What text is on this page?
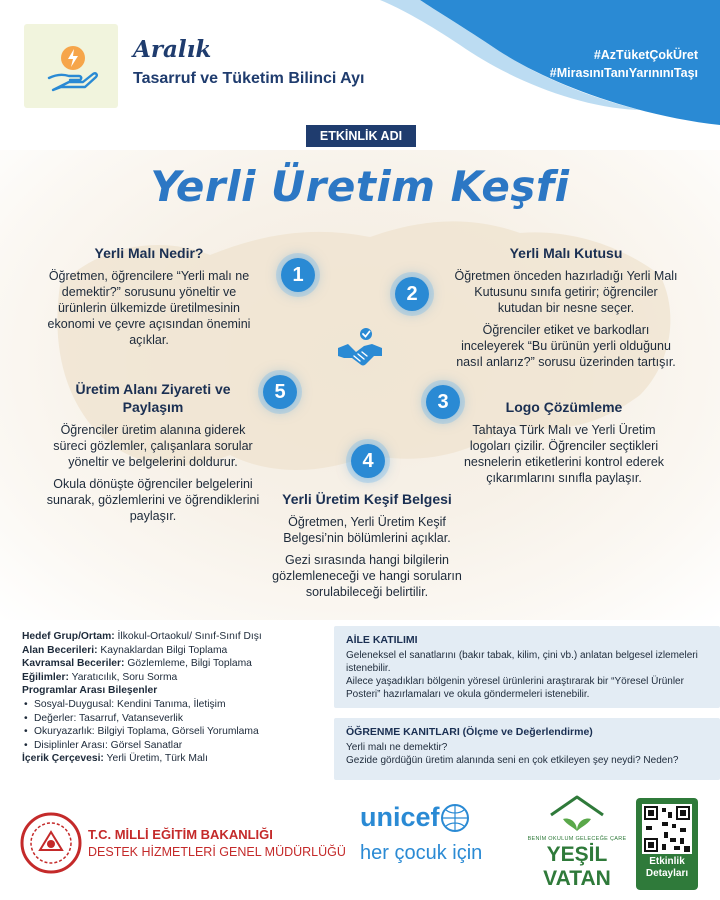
Aralık
Tasarruf ve Tüketim Bilinci Ayı
#AzTüketÇokÜret
#MirasınıTanıYarınınıTaşı
ETKİNLİK ADI
Yerli Üretim Keşfi
1
2
3
4
5
Yerli Malı Nedir?

Öğretmen, öğrencilere “Yerli malı ne demektir?” sorusunu yöneltir ve ürünlerin ülkemizde üretilmesinin ekonomi ve çevre açısından önemini açıklar.

Yerli Malı Kutusu

Öğretmen önceden hazırladığı Yerli Malı Kutusunu sınıfa getirir; öğrenciler kutudan bir nesne seçer.

Öğrenciler etiket ve barkodları inceleyerek “Bu ürünün yerli olduğunu nasıl anlarız?” sorusu üzerinden tartışır.

Üretim Alanı Ziyareti ve Paylaşım

Öğrenciler üretim alanına giderek süreci gözlemler, çalışanlara sorular yöneltir ve belgelerini doldurur.

Okula dönüşte öğrenciler belgelerini sunarak, gözlemlerini ve öğrendiklerini paylaşır.

Logo Çözümleme

Tahtaya Türk Malı ve Yerli Üretim logoları çizilir. Öğrenciler seçtikleri nesnelerin etiketlerini kontrol ederek çıkarımlarını sınıfla paylaşır.

Yerli Üretim Keşif Belgesi

Öğretmen, Yerli Üretim Keşif Belgesi’nin bölümlerini açıklar.

Gezi sırasında hangi bilgilerin gözlemleneceği ve hangi soruların sorulabileceği belirtilir.

Hedef Grup/Ortam: İlkokul-Ortaokul/ Sınıf-Sınıf Dışı
Alan Becerileri: Kaynaklardan Bilgi Toplama
Kavramsal Beceriler: Gözlemleme, Bilgi Toplama
Eğilimler: Yaratıcılık, Soru Sorma
Programlar Arası Bileşenler
• Sosyal-Duygusal: Kendini Tanıma, İletişim
• Değerler: Tasarruf, Vatanseverlik
• Okuryazarlık: Bilgiyi Toplama, Görseli Yorumlama
• Disiplinler Arası: Görsel Sanatlar
İçerik Çerçevesi: Yerli Üretim, Türk Malı
AİLE KATILIMI
Geleneksel el sanatlarını (bakır tabak, kilim, çini vb.) anlatan belgesel izlemeleri istenebilir.
Ailece yaşadıkları bölgenin yöresel ürünlerini araştırarak bir “Yöresel Ürünler Posteri” hazırlamaları ve okula göndermeleri istenebilir.
ÖĞRENME KANITLARI (Ölçme ve Değerlendirme)
Yerli malı ne demektir?
Gezide gördüğün üretim alanında seni en çok etkileyen şey neydi? Neden?
T.C. MİLLİ EĞİTİM BAKANLIĞI
DESTEK HİZMETLERİ GENEL MÜDÜRLÜĞÜ
unicef
her çocuk için
BENİM OKULUM GELECEĞE ÇARE
YEŞİL VATAN
Etkinlik
Detayları
